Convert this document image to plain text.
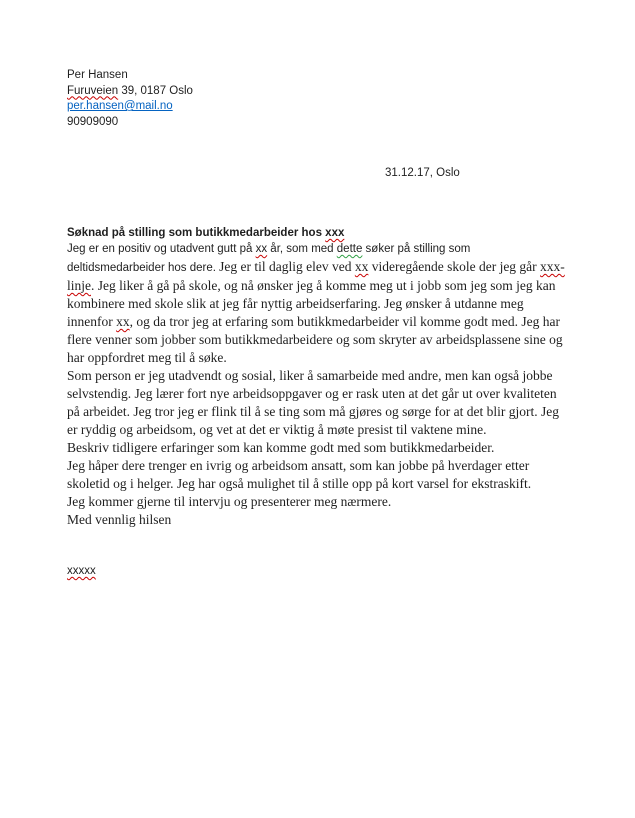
Per Hansen
Furuveien 39, 0187 Oslo
per.hansen@mail.no
90909090
31.12.17, Oslo
Søknad på stilling som butikkmedarbeider hos xxx

Jeg er en positiv og utadvent gutt på xx år, som med dette søker på stilling som deltidsmedarbeider hos dere. Jeg er til daglig elev ved xx videregående skole der jeg går xxx-linje. Jeg liker å gå på skole, og nå ønsker jeg å komme meg ut i jobb som jeg som jeg kan kombinere med skole slik at jeg får nyttig arbeidserfaring. Jeg ønsker å utdanne meg innenfor xx, og da tror jeg at erfaring som butikkmedarbeider vil komme godt med. Jeg har flere venner som jobber som butikkmedarbeidere og som skryter av arbeidsplassene sine og har oppfordret meg til å søke.

Som person er jeg utadvendt og sosial, liker å samarbeide med andre, men kan også jobbe selvstendig. Jeg lærer fort nye arbeidsoppgaver og er rask uten at det går ut over kvaliteten på arbeidet. Jeg tror jeg er flink til å se ting som må gjøres og sørge for at det blir gjort. Jeg er ryddig og arbeidsom, og vet at det er viktig å møte presist til vaktene mine.

Beskriv tidligere erfaringer som kan komme godt med som butikkmedarbeider.

Jeg håper dere trenger en ivrig og arbeidsom ansatt, som kan jobbe på hverdager etter skoletid og i helger. Jeg har også mulighet til å stille opp på kort varsel for ekstraskift.

Jeg kommer gjerne til intervju og presenterer meg nærmere.

Med vennlig hilsen

xxxxx
